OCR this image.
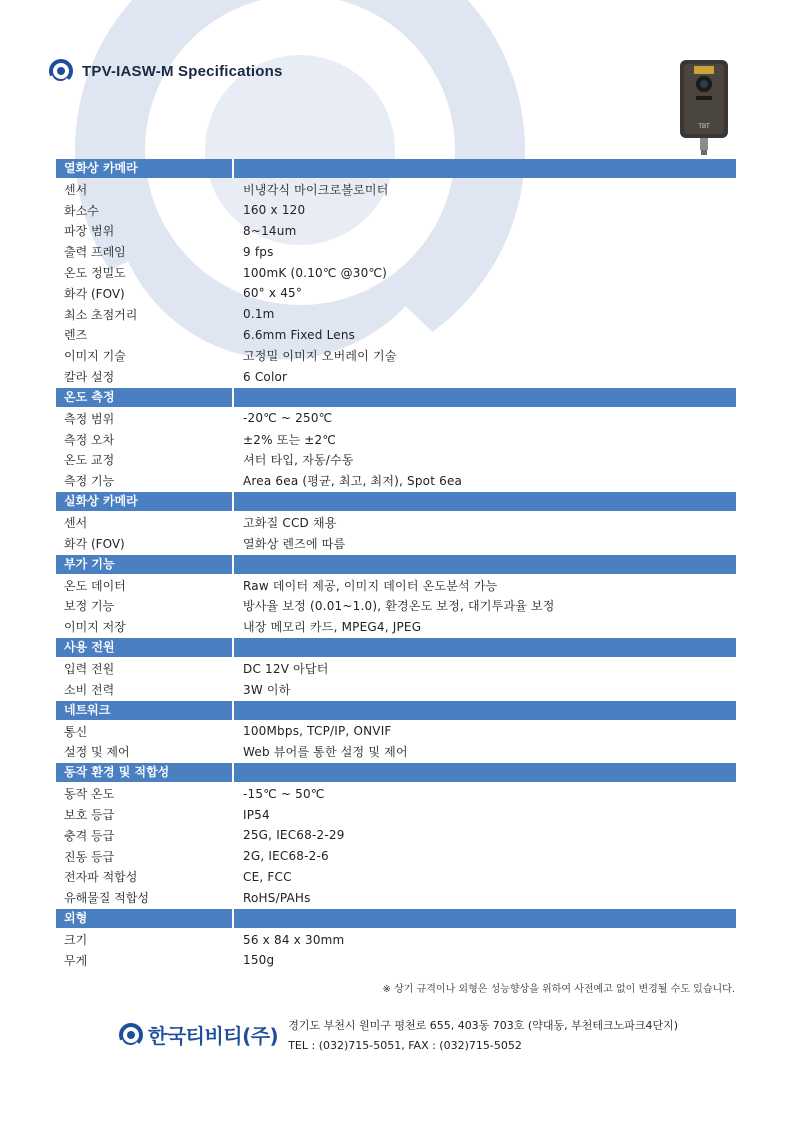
TPV-IASW-M Specifications
TBT
열화상 카메라
센서	비냉각식 마이크로볼로미터
화소수	160 x 120
파장 범위	8~14um
출력 프레임	9 fps
온도 정밀도	100mK (0.10℃ @30℃)
화각 (FOV)	60° x 45°
최소 초점거리	0.1m
렌즈	6.6mm Fixed Lens
이미지 기술	고정밀 이미지 오버레이 기술
칼라 설정	6 Color
온도 측정
측정 범위	-20℃ ~ 250℃
측정 오차	±2% 또는 ±2℃
온도 교정	셔터 타입, 자동/수동
측정 기능	Area 6ea (평균, 최고, 최저), Spot 6ea
실화상 카메라
센서	고화질 CCD 채용
화각 (FOV)	열화상 렌즈에 따름
부가 기능
온도 데이터	Raw 데이터 제공, 이미지 데이터 온도분석 가능
보정 기능	방사율 보정 (0.01~1.0), 환경온도 보정, 대기투과율 보정
이미지 저장	내장 메모리 카드, MPEG4, JPEG
사용 전원
입력 전원	DC 12V 아답터
소비 전력	3W 이하
네트워크
통신	100Mbps, TCP/IP, ONVIF
설정 및 제어	Web 뷰어를 통한 설정 및 제어
동작 환경 및 적합성
동작 온도	-15℃ ~ 50℃
보호 등급	IP54
충격 등급	25G, IEC68-2-29
진동 등급	2G, IEC68-2-6
전자파 적합성	CE, FCC
유해물질 적합성	RoHS/PAHs
외형
크기	56 x 84 x 30mm
무게	150g
※ 상기 규격이나 외형은 성능향상을 위하여 사전예고 없이 변경될 수도 있습니다.
한국티비티(주) 경기도 부천시 원미구 평천로 655, 403동 703호 (약대동, 부천테크노파크4단지)
TEL : (032)715-5051, FAX : (032)715-5052
